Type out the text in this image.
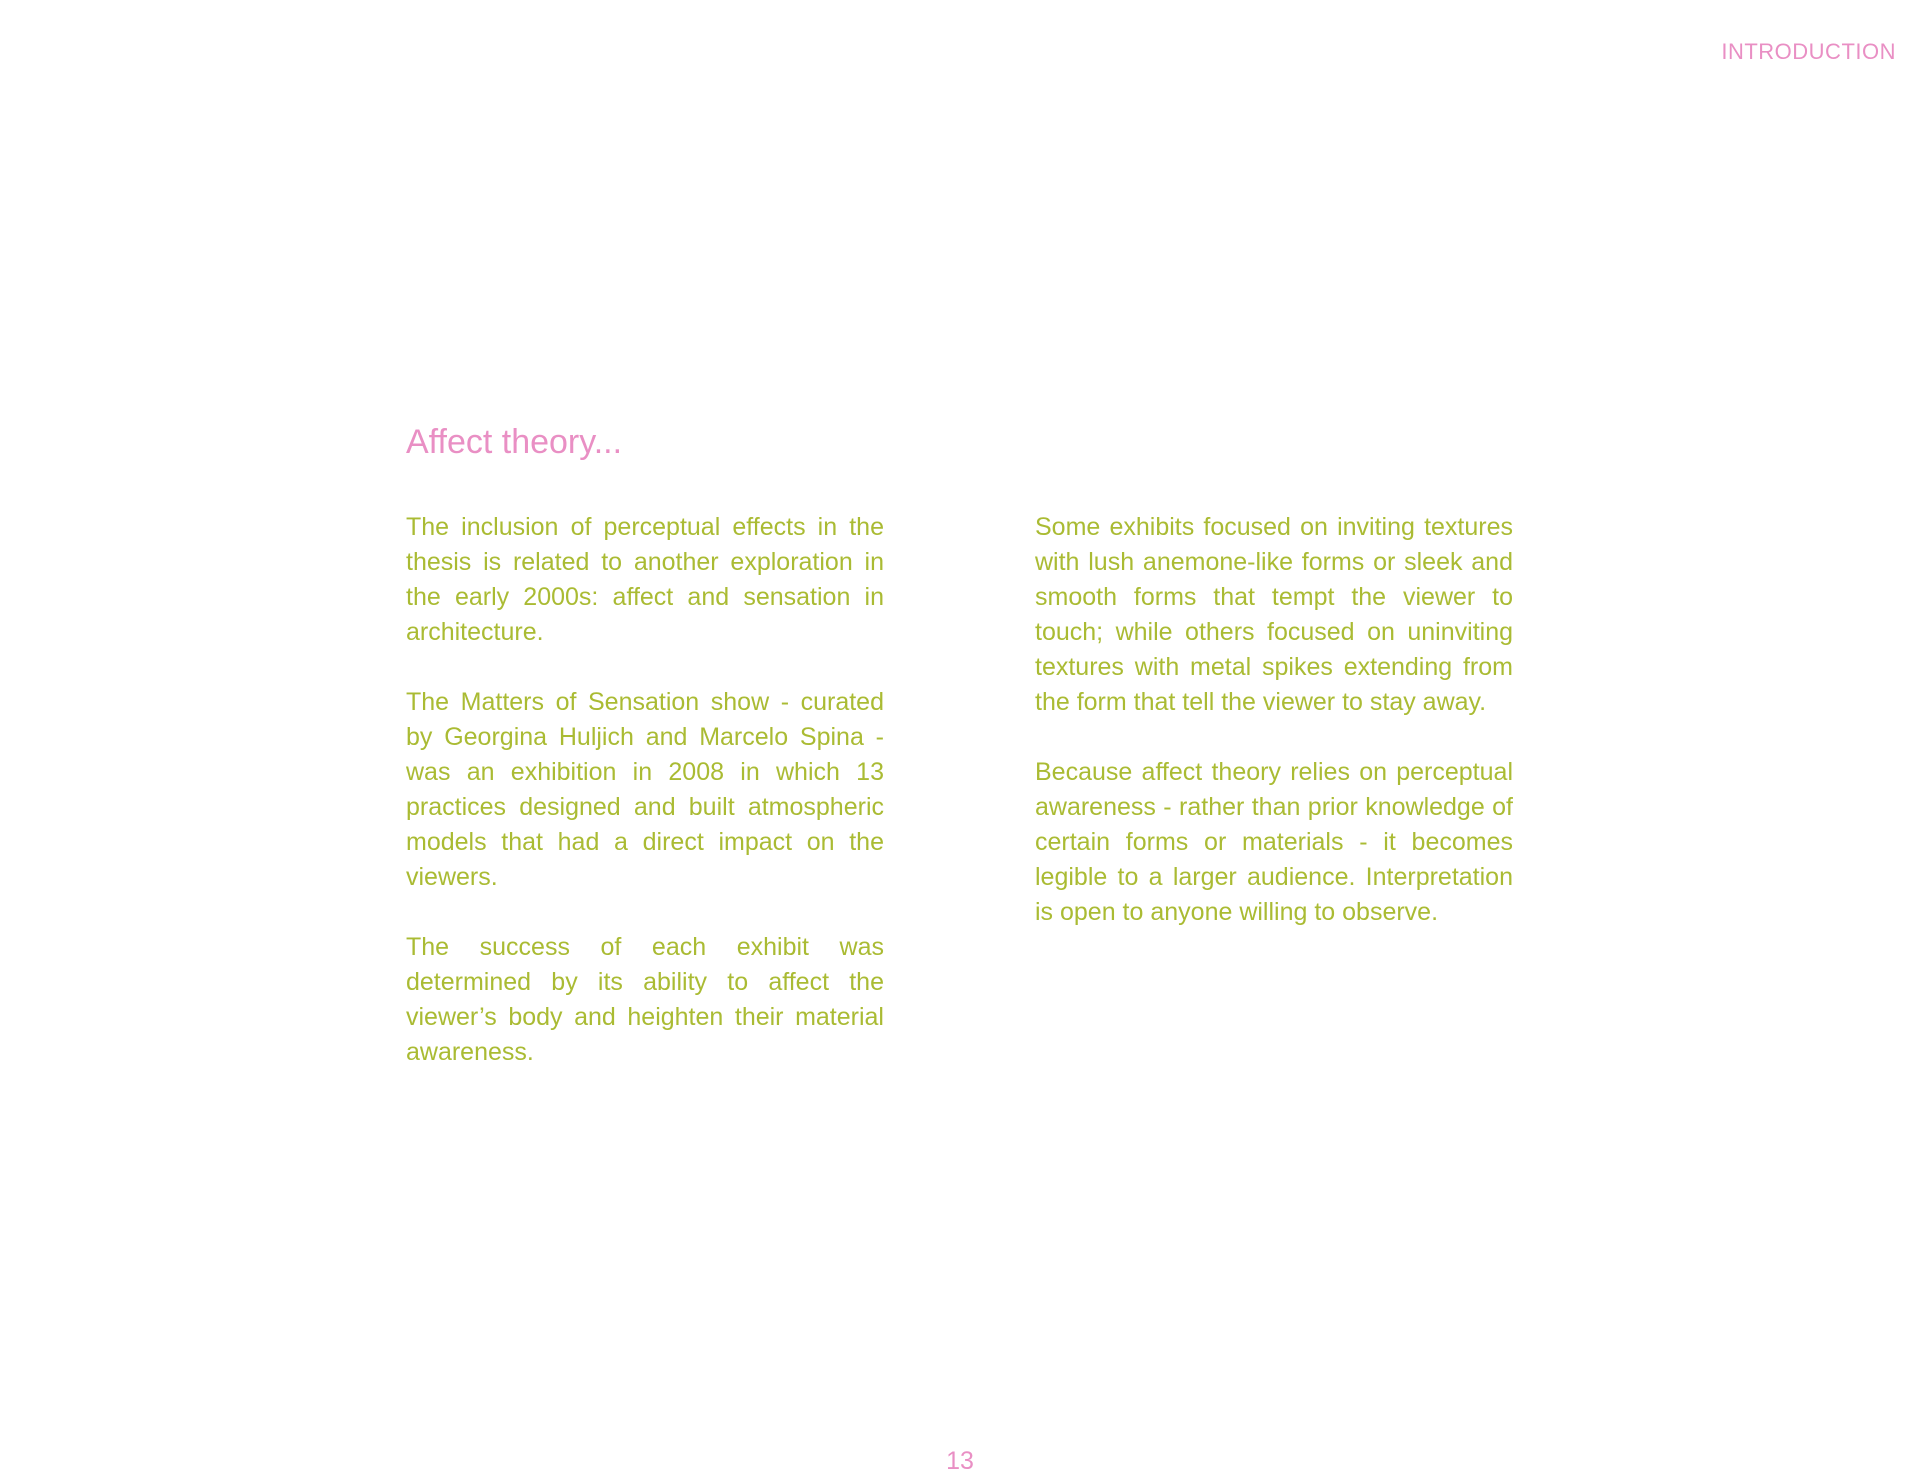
INTRODUCTION
Affect theory...

The inclusion of perceptual effects in the thesis is related to another exploration in the early 2000s: affect and sensation in architecture.

The Matters of Sensation show - curated by Georgina Huljich and Marcelo Spina - was an exhibition in 2008 in which 13 practices designed and built atmospheric models that had a direct impact on the viewers.

The success of each exhibit was determined by its ability to affect the viewer’s body and heighten their material awareness.

Some exhibits focused on inviting textures with lush anemone-like forms or sleek and smooth forms that tempt the viewer to touch; while others focused on uninviting textures with metal spikes extending from the form that tell the viewer to stay away.

Because affect theory relies on perceptual awareness - rather than prior knowledge of certain forms or materials - it becomes legible to a larger audience. Interpretation is open to anyone willing to observe.

13
